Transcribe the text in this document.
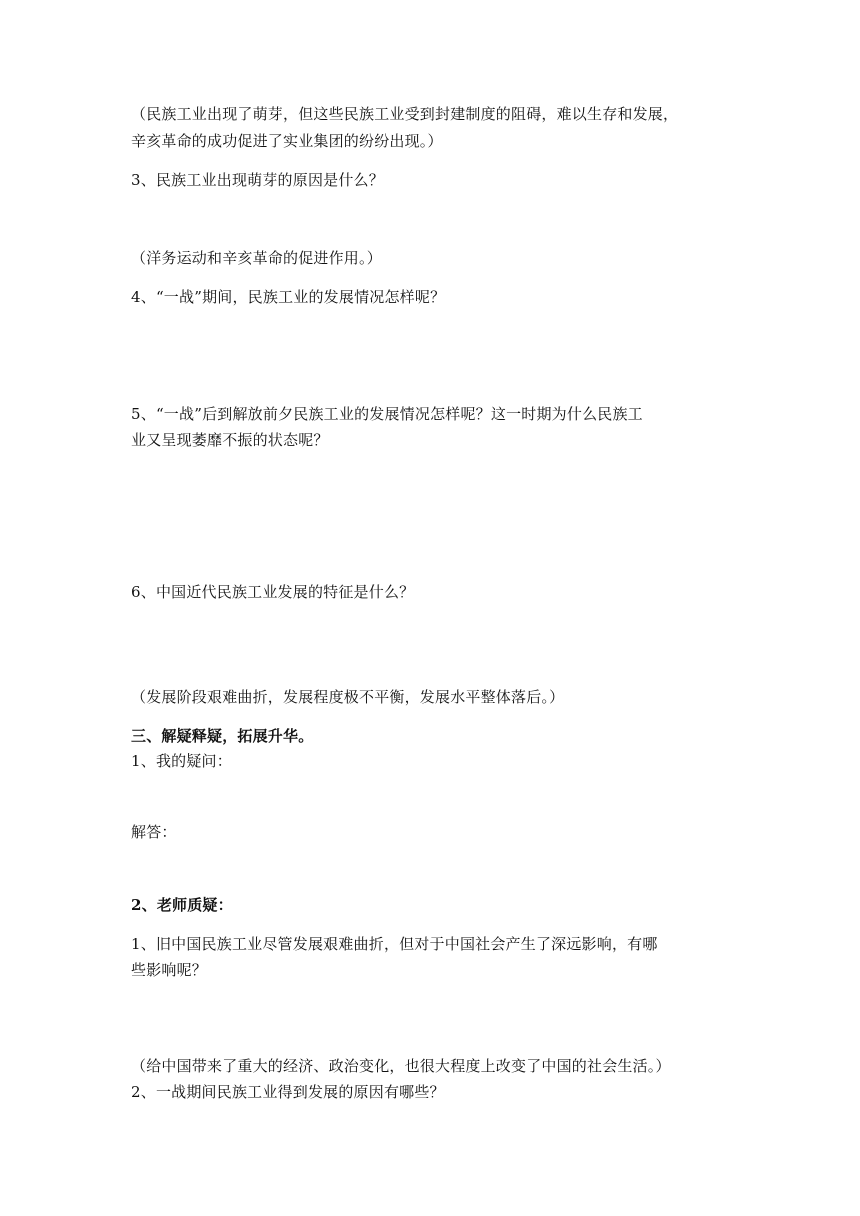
（民族工业出现了萌芽，但这些民族工业受到封建制度的阻碍，难以生存和发展，
辛亥革命的成功促进了实业集团的纷纷出现。）
3、民族工业出现萌芽的原因是什么？
（洋务运动和辛亥革命的促进作用。）
4、“一战”期间，民族工业的发展情况怎样呢？
5、“一战”后到解放前夕民族工业的发展情况怎样呢？这一时期为什么民族工
业又呈现萎靡不振的状态呢？
6、中国近代民族工业发展的特征是什么？
（发展阶段艰难曲折，发展程度极不平衡，发展水平整体落后。）
三、解疑释疑，拓展升华。
1、我的疑问：
解答：
2、老师质疑：
1、旧中国民族工业尽管发展艰难曲折，但对于中国社会产生了深远影响，有哪
些影响呢？
（给中国带来了重大的经济、政治变化，也很大程度上改变了中国的社会生活。）
2、一战期间民族工业得到发展的原因有哪些？
